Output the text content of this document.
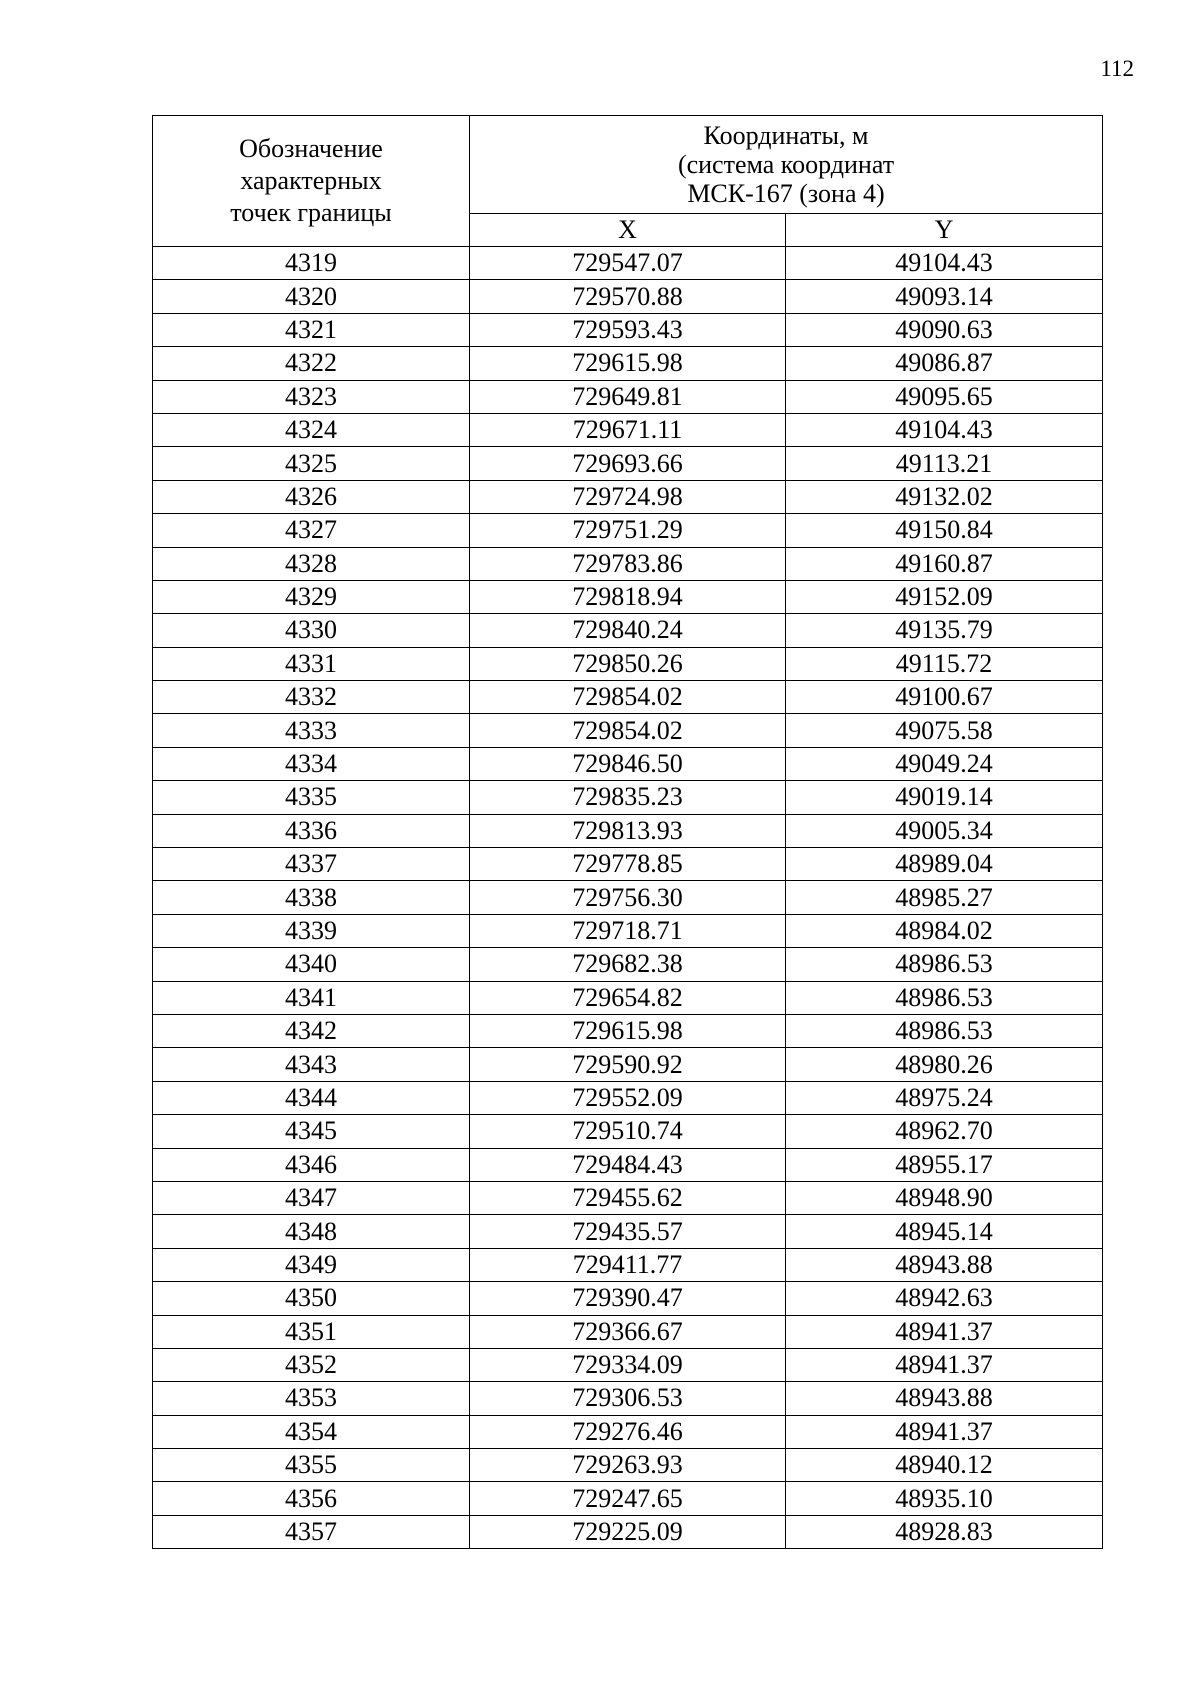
112
Обозначение
характерных
точек границы	Координаты, м
(система координат
МСК-167 (зона 4)	

	X	Y
4319	729547.07	49104.43
4320	729570.88	49093.14
4321	729593.43	49090.63
4322	729615.98	49086.87
4323	729649.81	49095.65
4324	729671.11	49104.43
4325	729693.66	49113.21
4326	729724.98	49132.02
4327	729751.29	49150.84
4328	729783.86	49160.87
4329	729818.94	49152.09
4330	729840.24	49135.79
4331	729850.26	49115.72
4332	729854.02	49100.67
4333	729854.02	49075.58
4334	729846.50	49049.24
4335	729835.23	49019.14
4336	729813.93	49005.34
4337	729778.85	48989.04
4338	729756.30	48985.27
4339	729718.71	48984.02
4340	729682.38	48986.53
4341	729654.82	48986.53
4342	729615.98	48986.53
4343	729590.92	48980.26
4344	729552.09	48975.24
4345	729510.74	48962.70
4346	729484.43	48955.17
4347	729455.62	48948.90
4348	729435.57	48945.14
4349	729411.77	48943.88
4350	729390.47	48942.63
4351	729366.67	48941.37
4352	729334.09	48941.37
4353	729306.53	48943.88
4354	729276.46	48941.37
4355	729263.93	48940.12
4356	729247.65	48935.10
4357	729225.09	48928.83
